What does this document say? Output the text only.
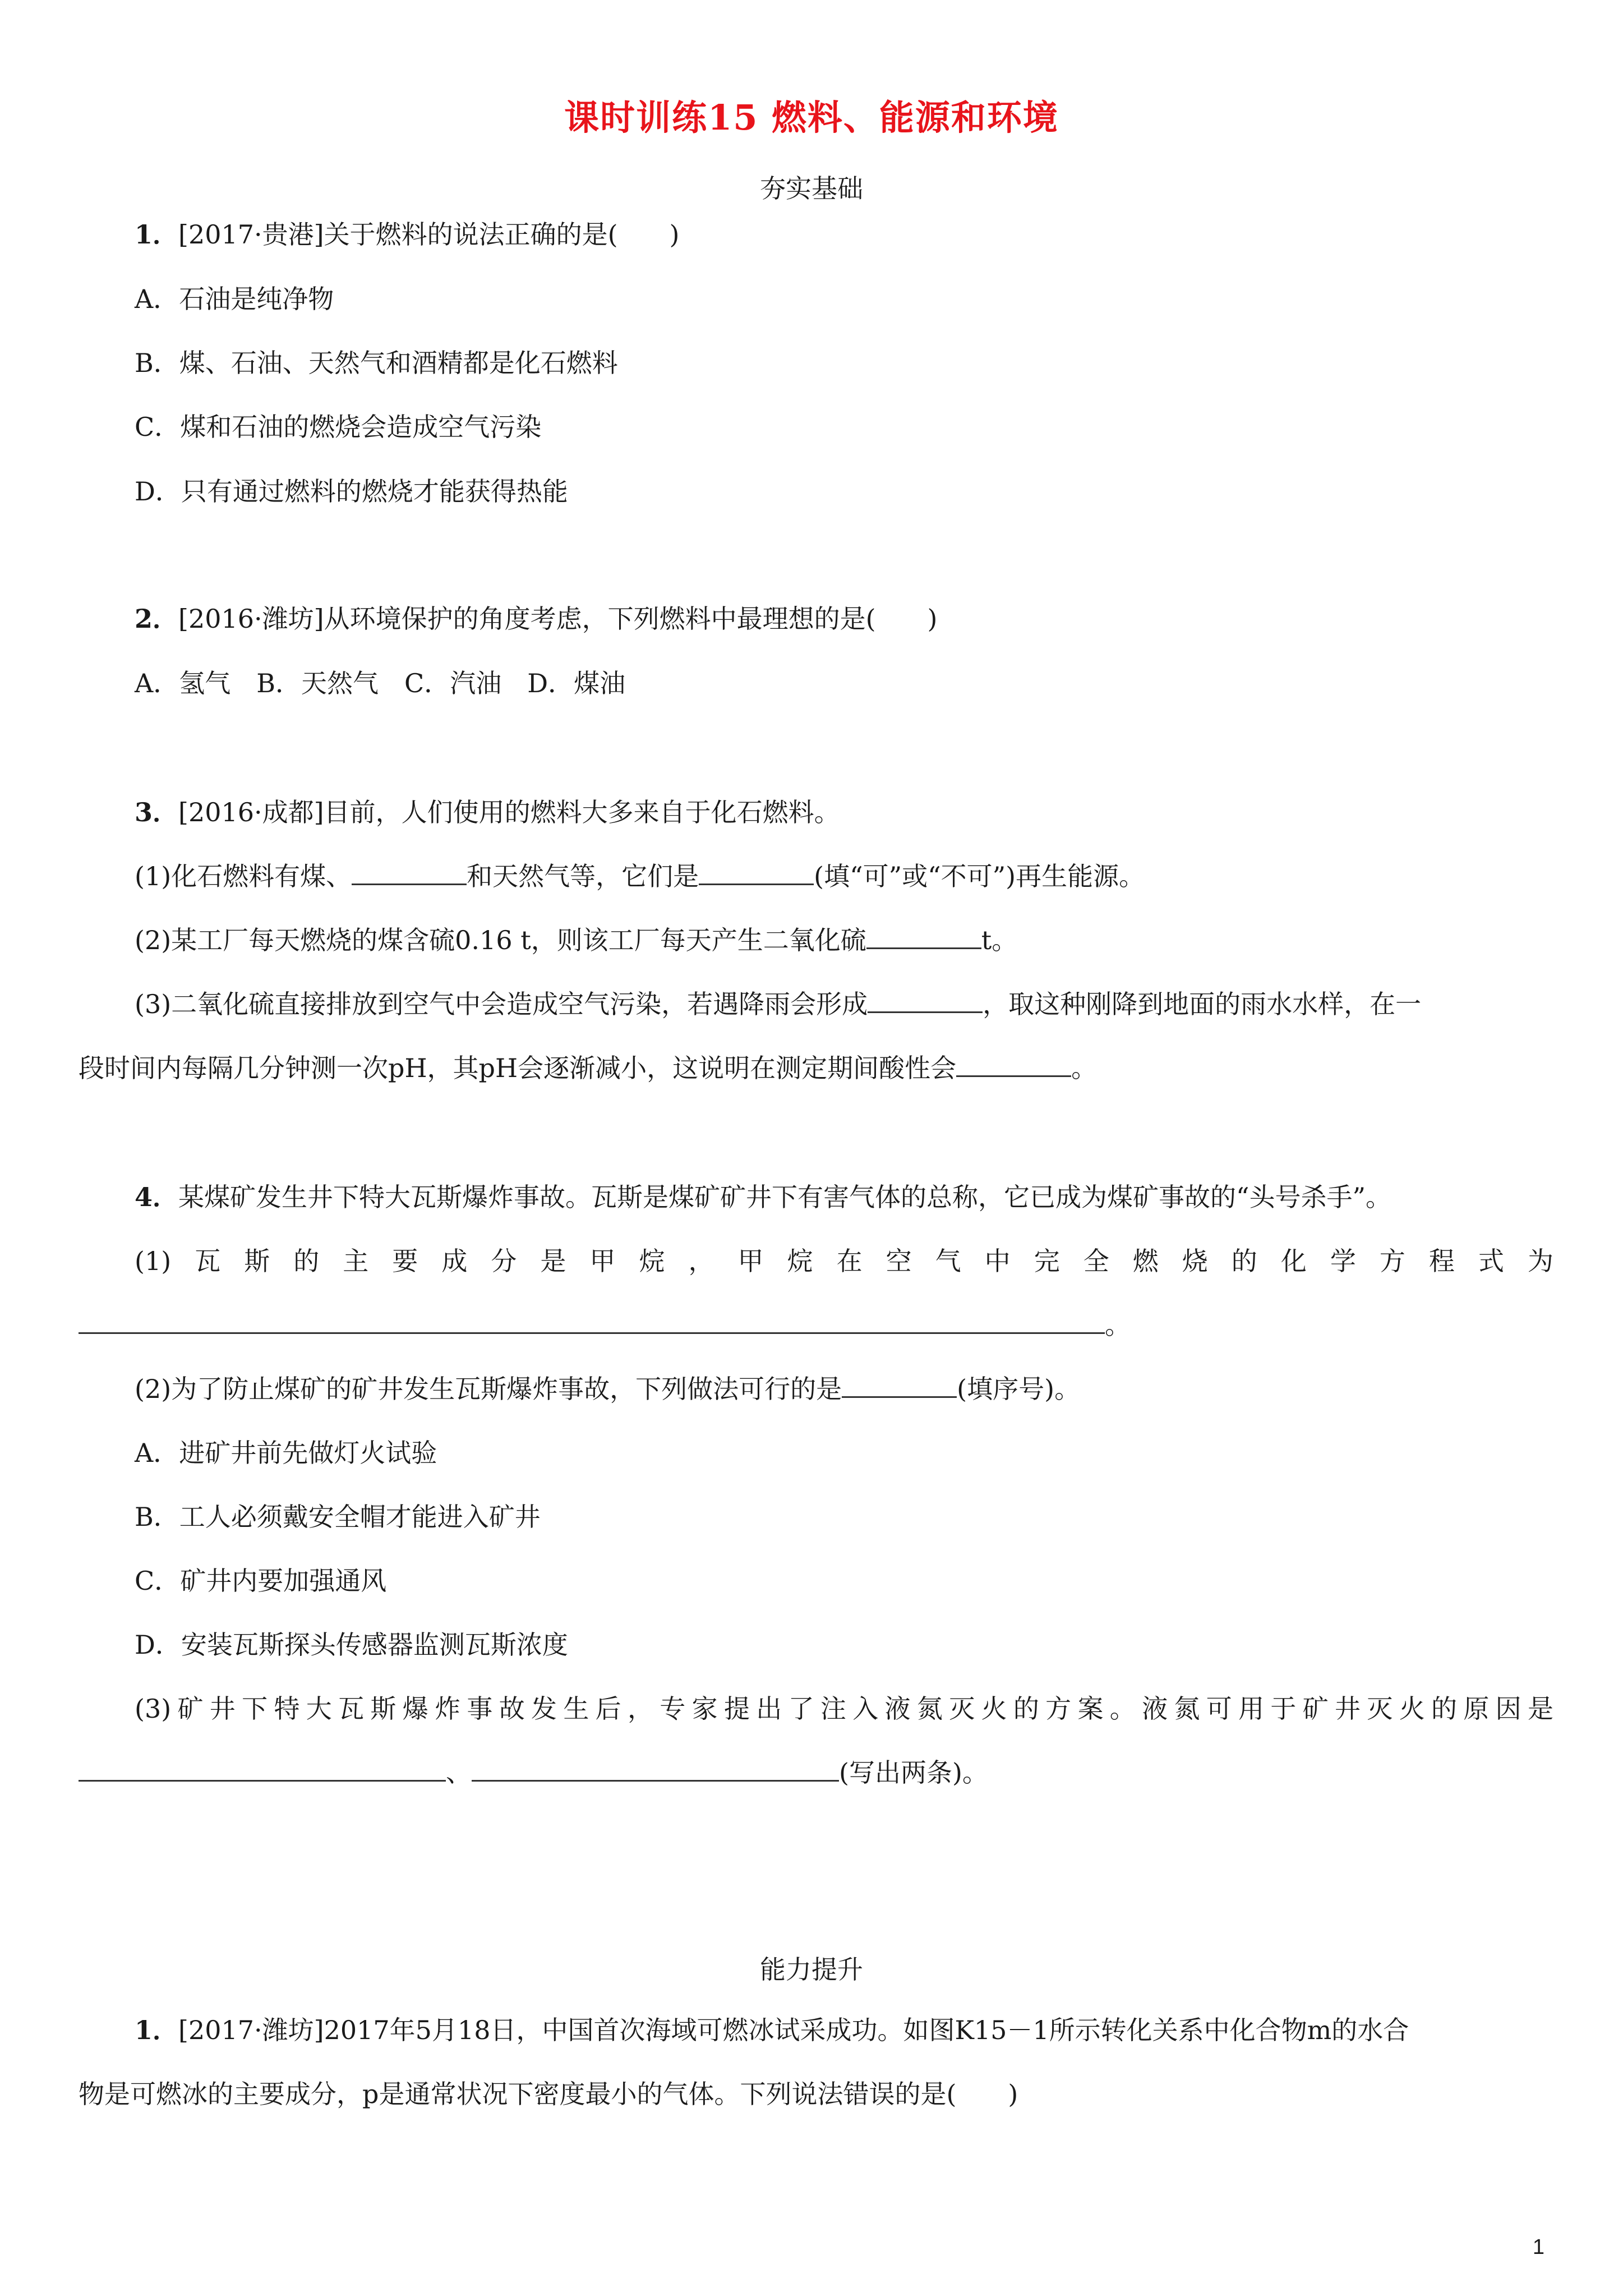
课时训练15 燃料、能源和环境
夯实基础
1．[2017·贵港]关于燃料的说法正确的是(　　)
A．石油是纯净物
B．煤、石油、天然气和酒精都是化石燃料
C．煤和石油的燃烧会造成空气污染
D．只有通过燃料的燃烧才能获得热能
2．[2016·潍坊]从环境保护的角度考虑，下列燃料中最理想的是(　　)
A．氢气　B．天然气　C．汽油　D．煤油
3．[2016·成都]目前，人们使用的燃料大多来自于化石燃料。
(1)化石燃料有煤、	和天然气等，它们是	(填“可”或“不可”)再生能源。
(2)某工厂每天燃烧的煤含硫0.16 t，则该工厂每天产生二氧化硫	t。
(3)二氧化硫直接排放到空气中会造成空气污染，若遇降雨会形成	，取这种刚降到地面的雨水水样，在一
段时间内每隔几分钟测一次pH，其pH会逐渐减小，这说明在测定期间酸性会	。
4．某煤矿发生井下特大瓦斯爆炸事故。瓦斯是煤矿矿井下有害气体的总称，它已成为煤矿事故的“头号杀手”。
(1)瓦斯的主要成分是甲烷，甲烷在空气中完全燃烧的化学方程式为
。
(2)为了防止煤矿的矿井发生瓦斯爆炸事故，下列做法可行的是	(填序号)。
A．进矿井前先做灯火试验
B．工人必须戴安全帽才能进入矿井
C．矿井内要加强通风
D．安装瓦斯探头传感器监测瓦斯浓度
(3)矿井下特大瓦斯爆炸事故发生后，专家提出了注入液氮灭火的方案。液氮可用于矿井灭火的原因是
、	(写出两条)。
能力提升
1．[2017·潍坊]2017年5月18日，中国首次海域可燃冰试采成功。如图K15－1所示转化关系中化合物m的水合
物是可燃冰的主要成分，p是通常状况下密度最小的气体。下列说法错误的是(　　)
1
